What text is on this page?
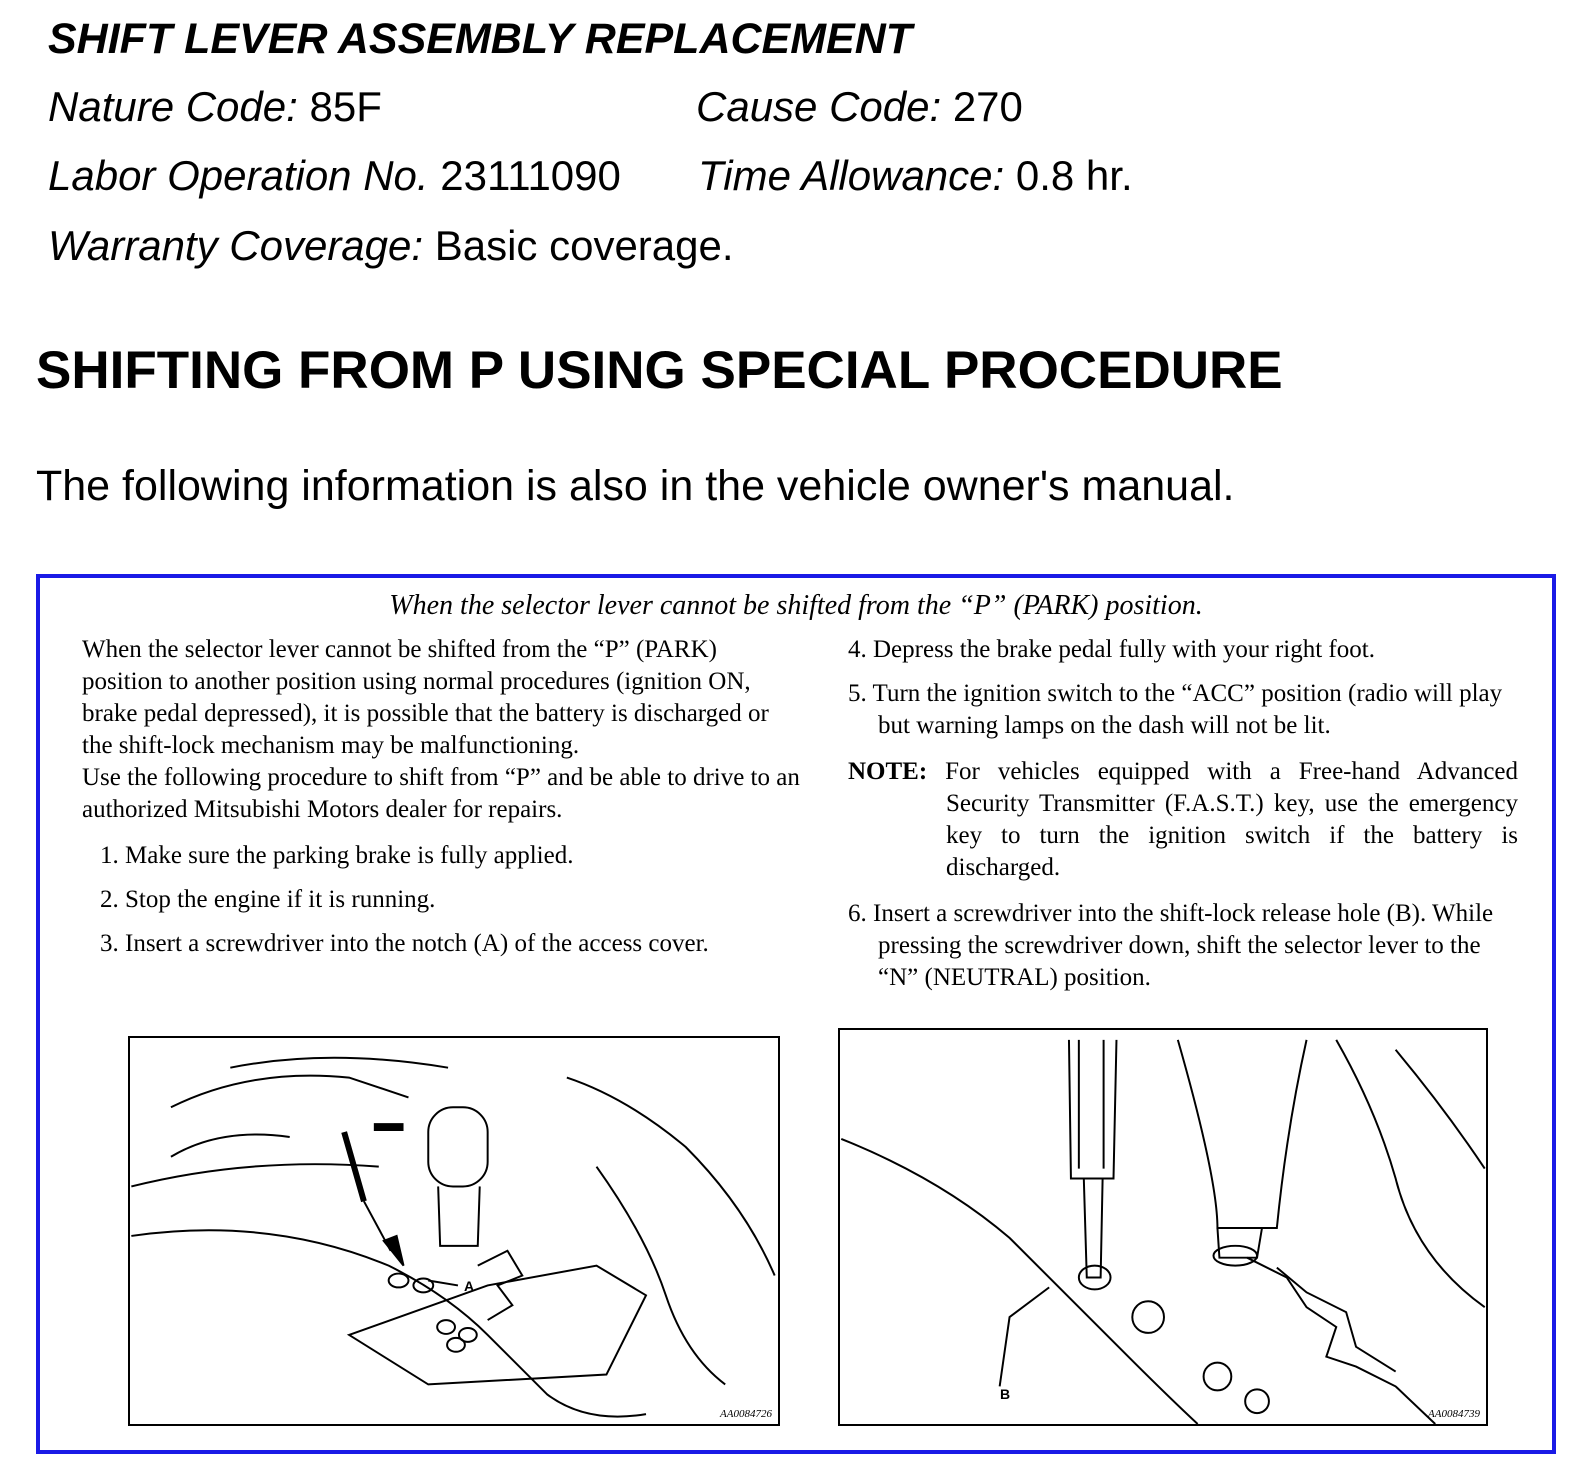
SHIFT LEVER ASSEMBLY REPLACEMENT
Nature Code: 85F	Cause Code: 270
Labor Operation No. 23111090 Time Allowance: 0.8 hr.
Warranty Coverage: Basic coverage.
SHIFTING FROM P USING SPECIAL PROCEDURE
The following information is also in the vehicle owner's manual.
When the selector lever cannot be shifted from the “P” (PARK) position.

When the selector lever cannot be shifted from the “P” (PARK) position to another position using normal procedures (ignition ON, brake pedal depressed), it is possible that the battery is discharged or the shift-lock mechanism may be malfunctioning.

Use the following procedure to shift from “P” and be able to drive to an authorized Mitsubishi Motors dealer for repairs.

1. Make sure the parking brake is fully applied.
2. Stop the engine if it is running.
3. Insert a screwdriver into the notch (A) of the access cover.
4. Depress the brake pedal fully with your right foot.
5. Turn the ignition switch to the “ACC” position (radio will play but warning lamps on the dash will not be lit.
NOTE: For vehicles equipped with a Free-hand Advanced Security Transmitter (F.A.S.T.) key, use the emergency key to turn the ignition switch if the battery is discharged.
6. Insert a screwdriver into the shift-lock release hole (B). While pressing the screwdriver down, shift the selector lever to the “N” (NEUTRAL) position.
A
AA0084726
B
AA0084739
